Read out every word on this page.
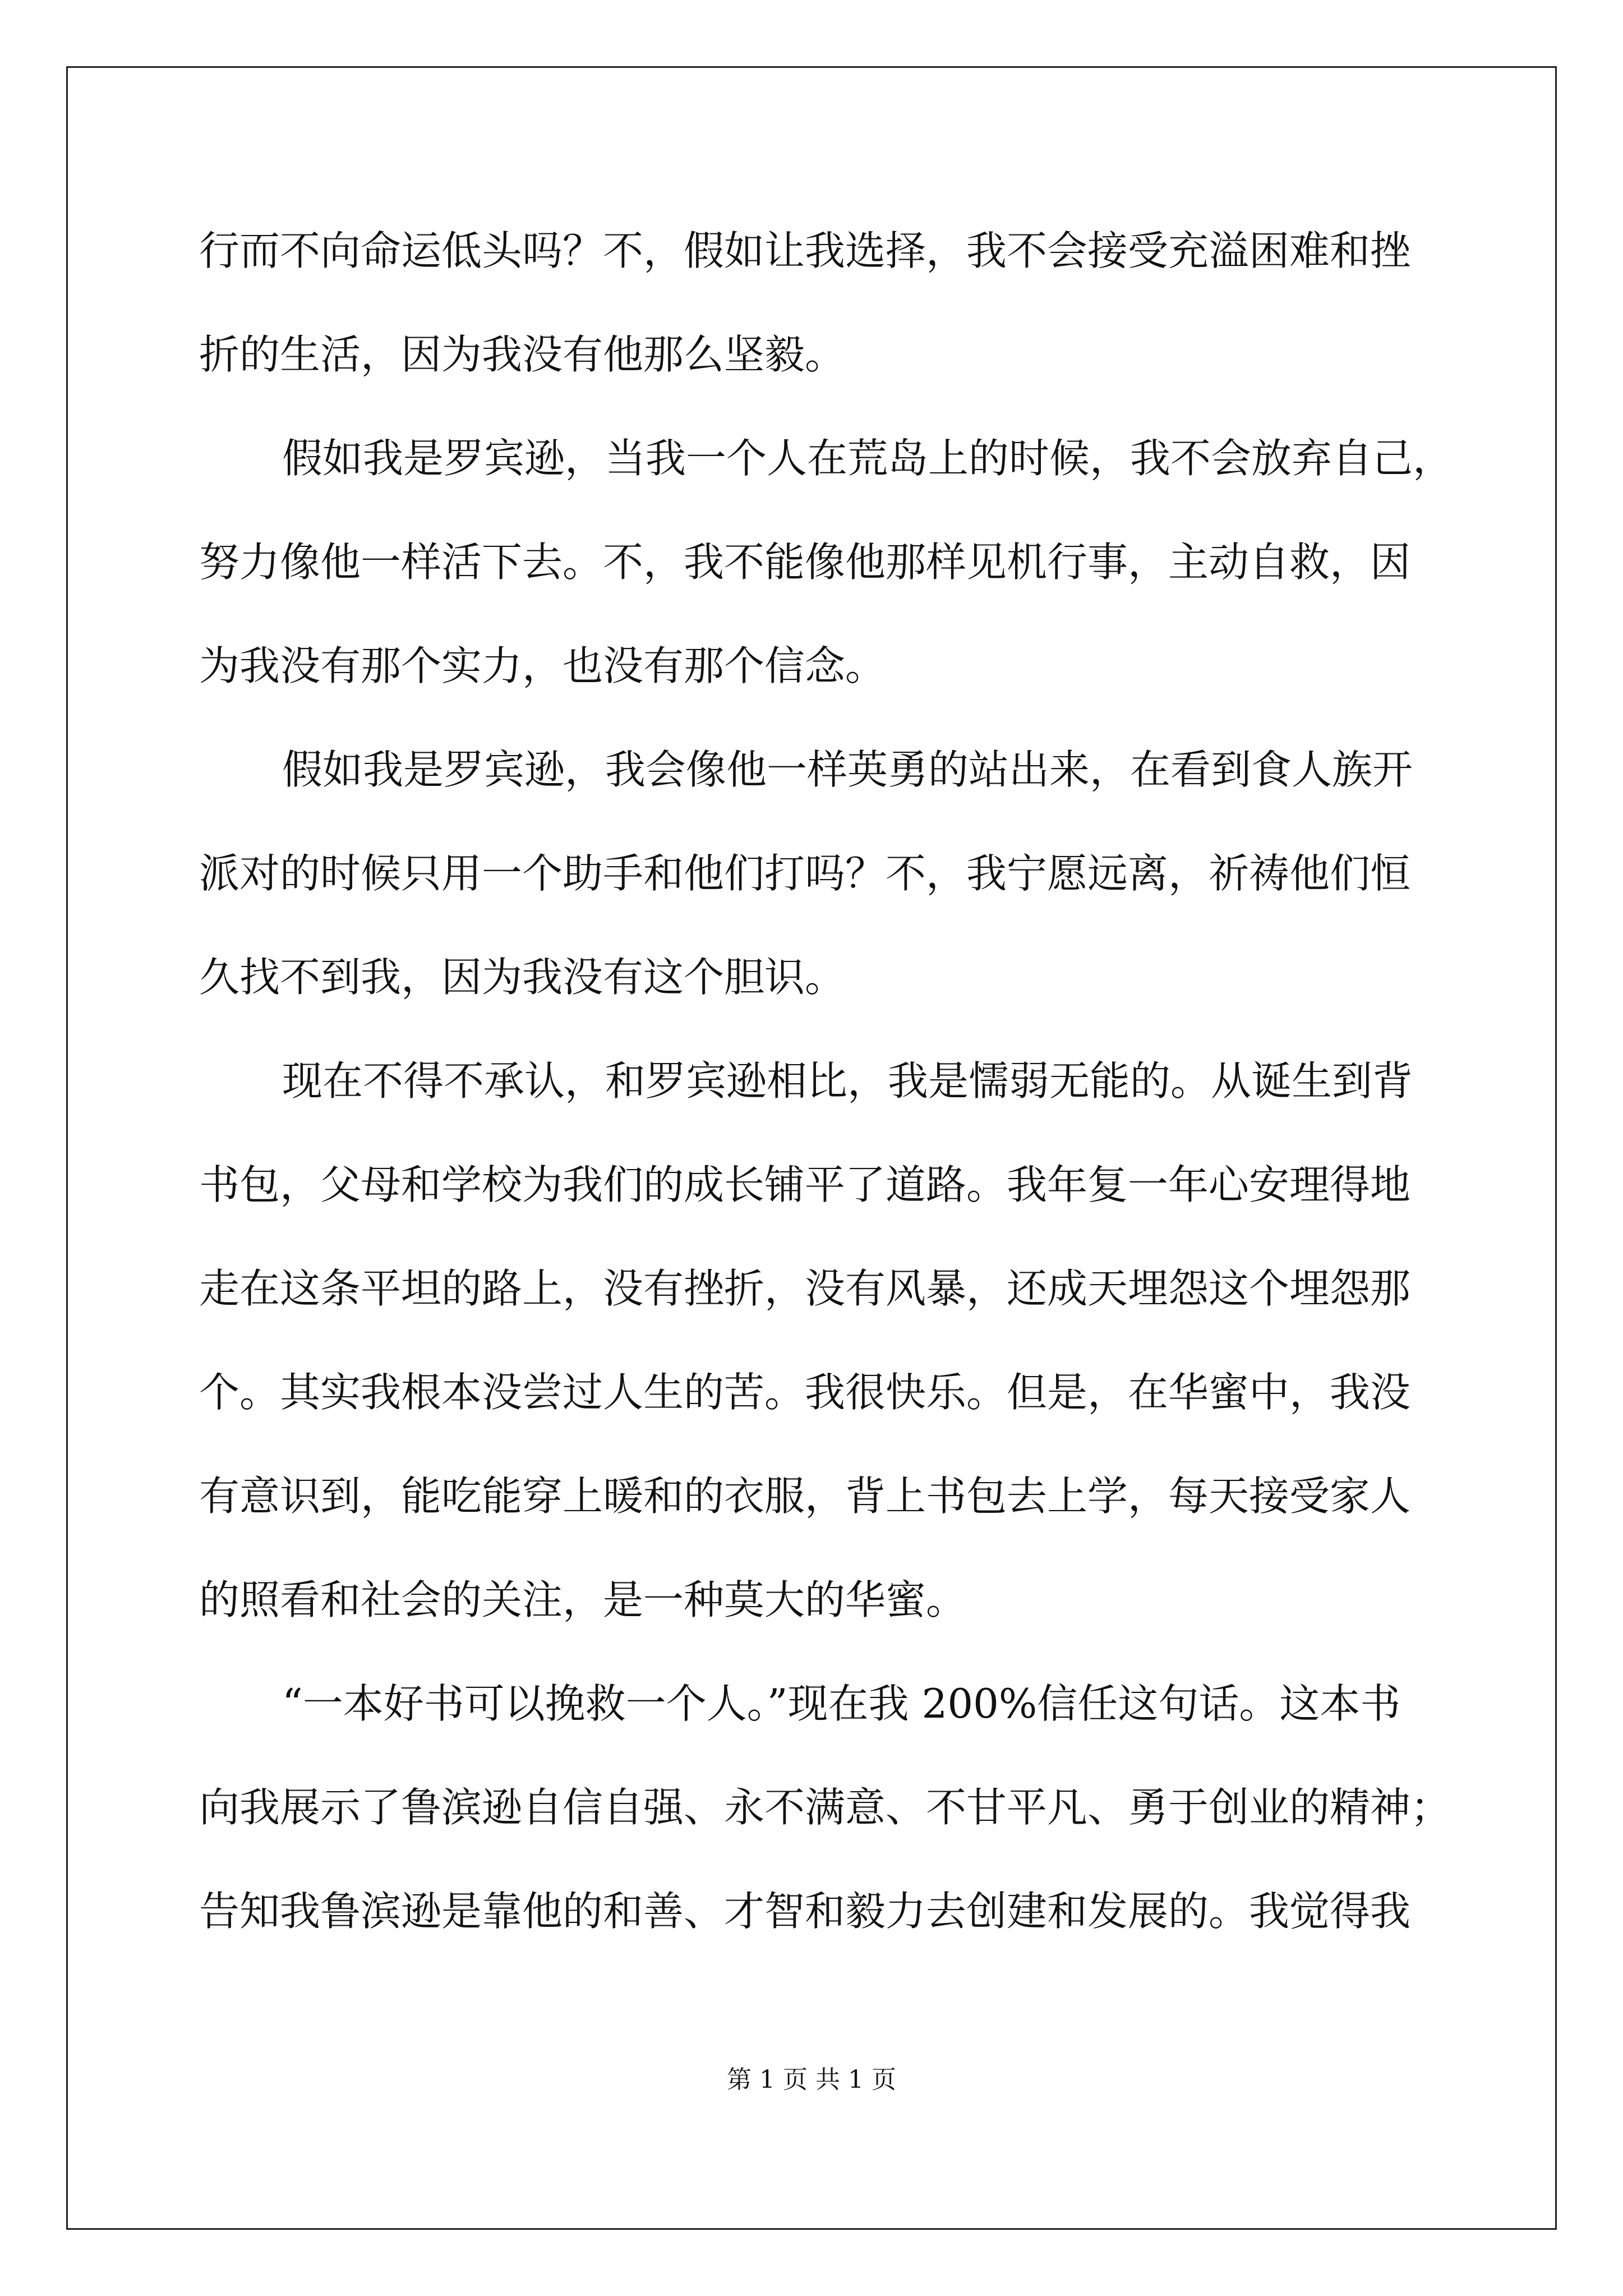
行而不向命运低头吗？不，假如让我选择，我不会接受充溢困难和挫
折的生活，因为我没有他那么坚毅。
假如我是罗宾逊，当我一个人在荒岛上的时候，我不会放弃自己，
努力像他一样活下去。不，我不能像他那样见机行事，主动自救，因
为我没有那个实力，也没有那个信念。
假如我是罗宾逊，我会像他一样英勇的站出来，在看到食人族开
派对的时候只用一个助手和他们打吗？不，我宁愿远离，祈祷他们恒
久找不到我，因为我没有这个胆识。
现在不得不承认，和罗宾逊相比，我是懦弱无能的。从诞生到背
书包，父母和学校为我们的成长铺平了道路。我年复一年心安理得地
走在这条平坦的路上，没有挫折，没有风暴，还成天埋怨这个埋怨那
个。其实我根本没尝过人生的苦。我很快乐。但是，在华蜜中，我没
有意识到，能吃能穿上暖和的衣服，背上书包去上学，每天接受家人
的照看和社会的关注，是一种莫大的华蜜。
“一本好书可以挽救一个人。”现在我 200%信任这句话。这本书
向我展示了鲁滨逊自信自强、永不满意、不甘平凡、勇于创业的精神；
告知我鲁滨逊是靠他的和善、才智和毅力去创建和发展的。我觉得我
第 1 页 共 1 页
